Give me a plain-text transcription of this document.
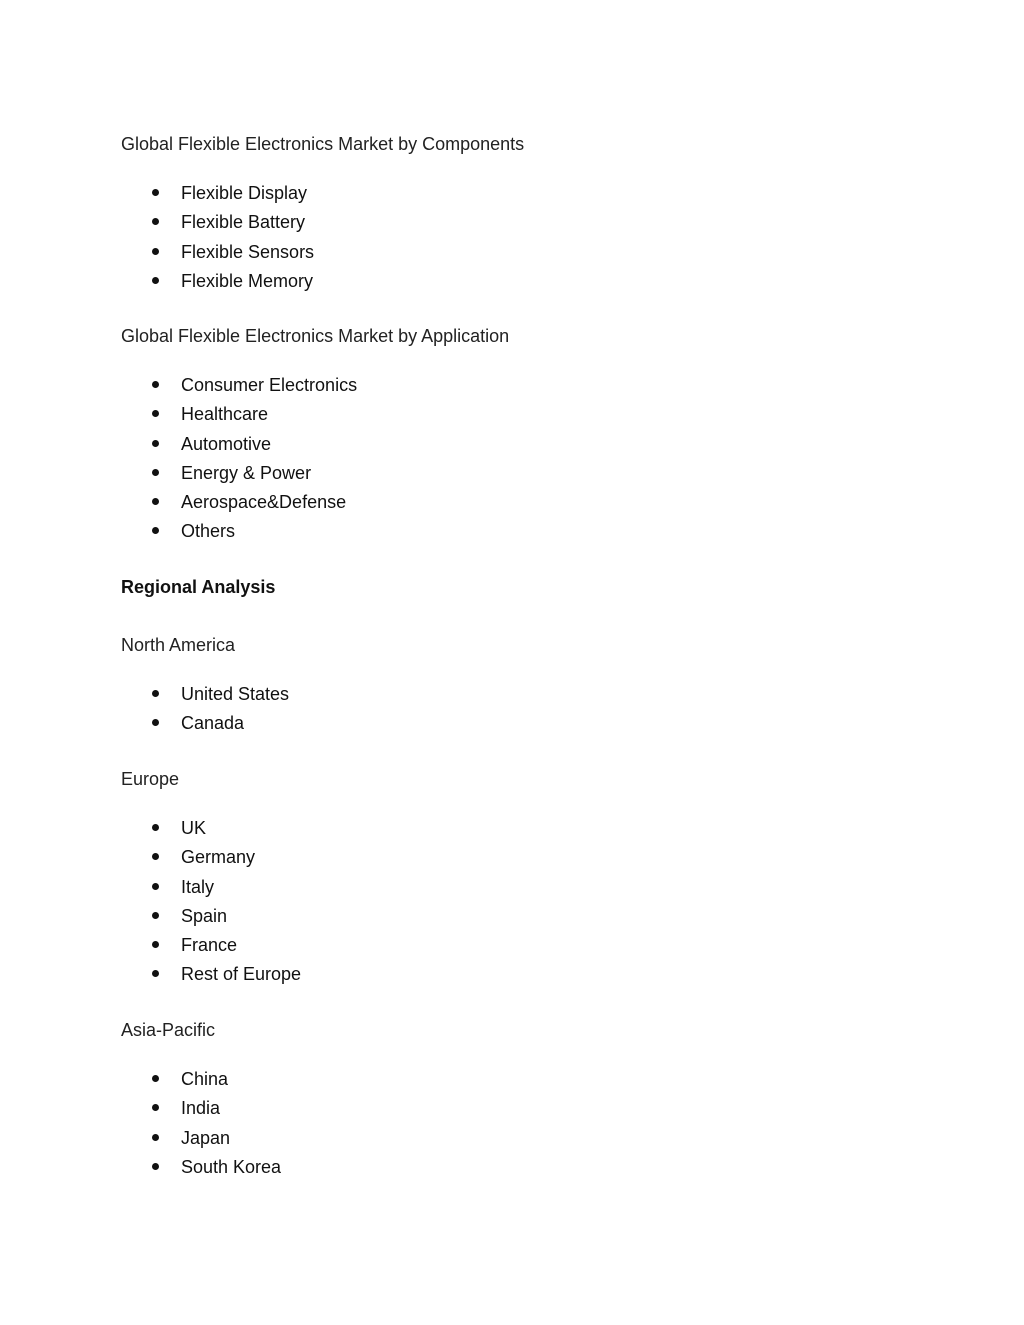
Global Flexible Electronics Market by Components

Flexible Display
Flexible Battery
Flexible Sensors
Flexible Memory

Global Flexible Electronics Market by Application

Consumer Electronics
Healthcare
Automotive
Energy & Power
Aerospace&Defense
Others

Regional Analysis

North America

United States
Canada

Europe

UK
Germany
Italy
Spain
France
Rest of Europe

Asia-Pacific

China
India
Japan
South Korea
